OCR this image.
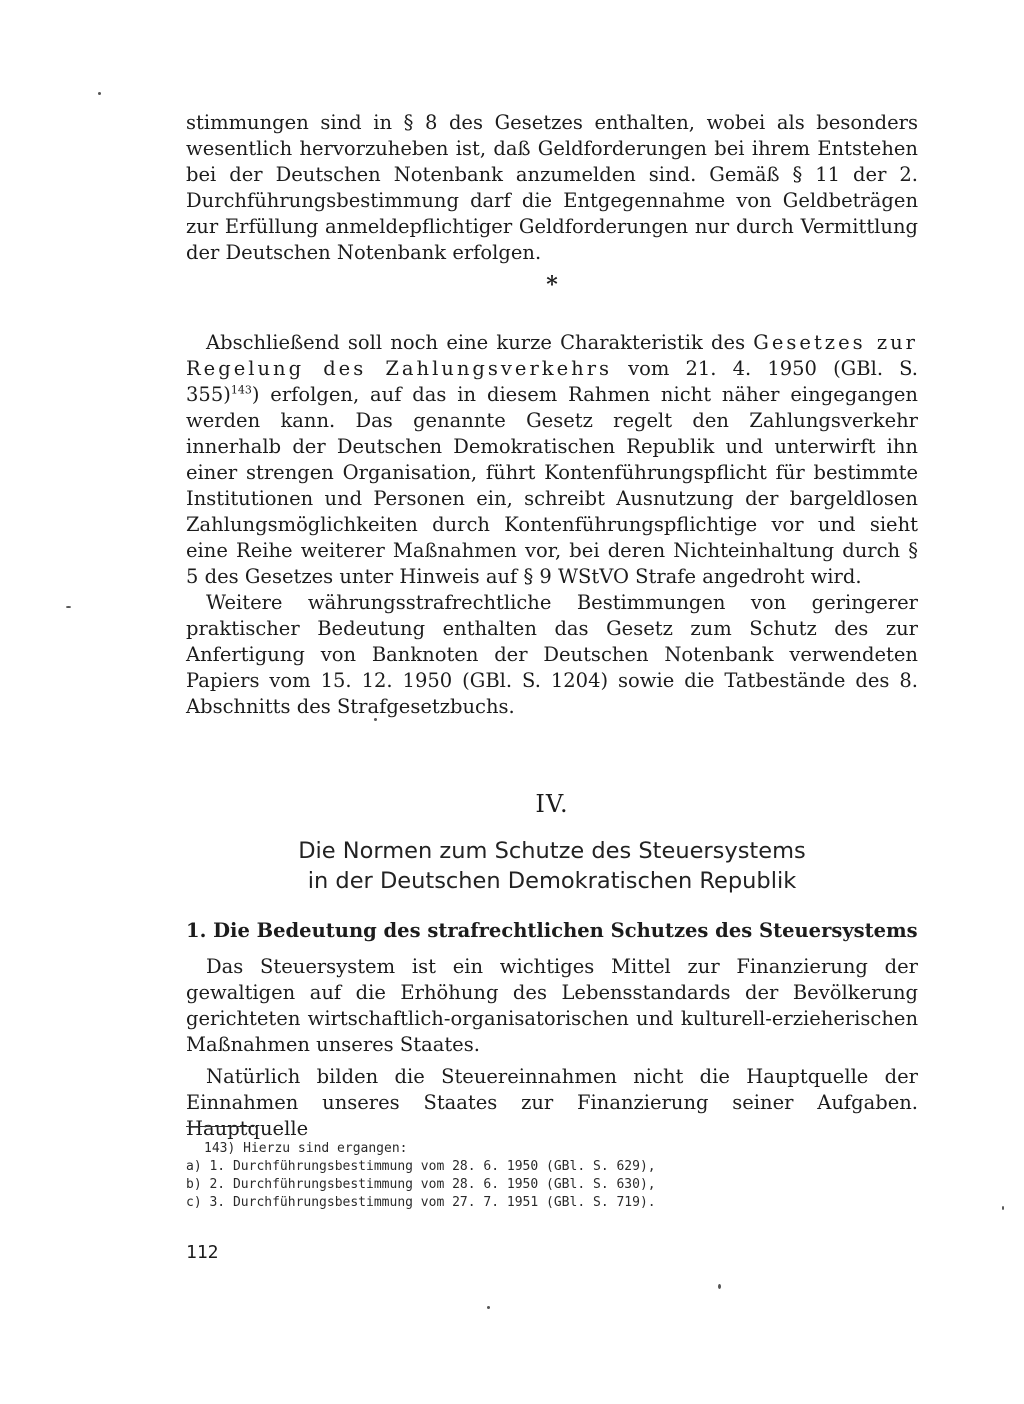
stimmungen sind in § 8 des Gesetzes enthalten, wobei als besonders wesentlich hervorzuheben ist, daß Geldforderungen bei ihrem Entstehen bei der Deutschen Notenbank anzumelden sind. Gemäß § 11 der 2. Durchführungsbestimmung darf die Entgegennahme von Geldbeträgen zur Erfüllung anmeldepflichtiger Geldforderungen nur durch Vermittlung der Deutschen Notenbank erfolgen.

*

Abschließend soll noch eine kurze Charakteristik des Gesetzes zur Regelung des Zahlungsverkehrs vom 21. 4. 1950 (GBl. S. 355)$^{143}$) erfolgen, auf das in diesem Rahmen nicht näher eingegangen werden kann. Das genannte Gesetz regelt den Zahlungsverkehr innerhalb der Deutschen Demokratischen Republik und unterwirft ihn einer strengen Organisation, führt Kontenführungspflicht für bestimmte Institutionen und Personen ein, schreibt Ausnutzung der bargeldlosen Zahlungsmöglichkeiten durch Kontenführungspflichtige vor und sieht eine Reihe weiterer Maßnahmen vor, bei deren Nichteinhaltung durch § 5 des Gesetzes unter Hinweis auf § 9 WStVO Strafe angedroht wird.

Weitere währungsstrafrechtliche Bestimmungen von geringerer praktischer Bedeutung enthalten das Gesetz zum Schutz des zur Anfertigung von Banknoten der Deutschen Notenbank verwendeten Papiers vom 15. 12. 1950 (GBl. S. 1204) sowie die Tatbestände des 8. Abschnitts des Strafgesetzbuchs.

IV.
Die Normen zum Schutze des Steuersystems
in der Deutschen Demokratischen Republik
1. Die Bedeutung des strafrechtlichen Schutzes des Steuersystems

Das Steuersystem ist ein wichtiges Mittel zur Finanzierung der gewaltigen auf die Erhöhung des Lebensstandards der Bevölkerung gerichteten wirtschaftlich-organisatorischen und kulturell-erzieherischen Maßnahmen unseres Staates.

Natürlich bilden die Steuereinnahmen nicht die Hauptquelle der Einnahmen unseres Staates zur Finanzierung seiner Aufgaben. Hauptquelle

143) Hierzu sind ergangen:
a) 1. Durchführungsbestimmung vom 28. 6. 1950 (GBl. S. 629),
b) 2. Durchführungsbestimmung vom 28. 6. 1950 (GBl. S. 630),
c) 3. Durchführungsbestimmung vom 27. 7. 1951 (GBl. S. 719).
112
